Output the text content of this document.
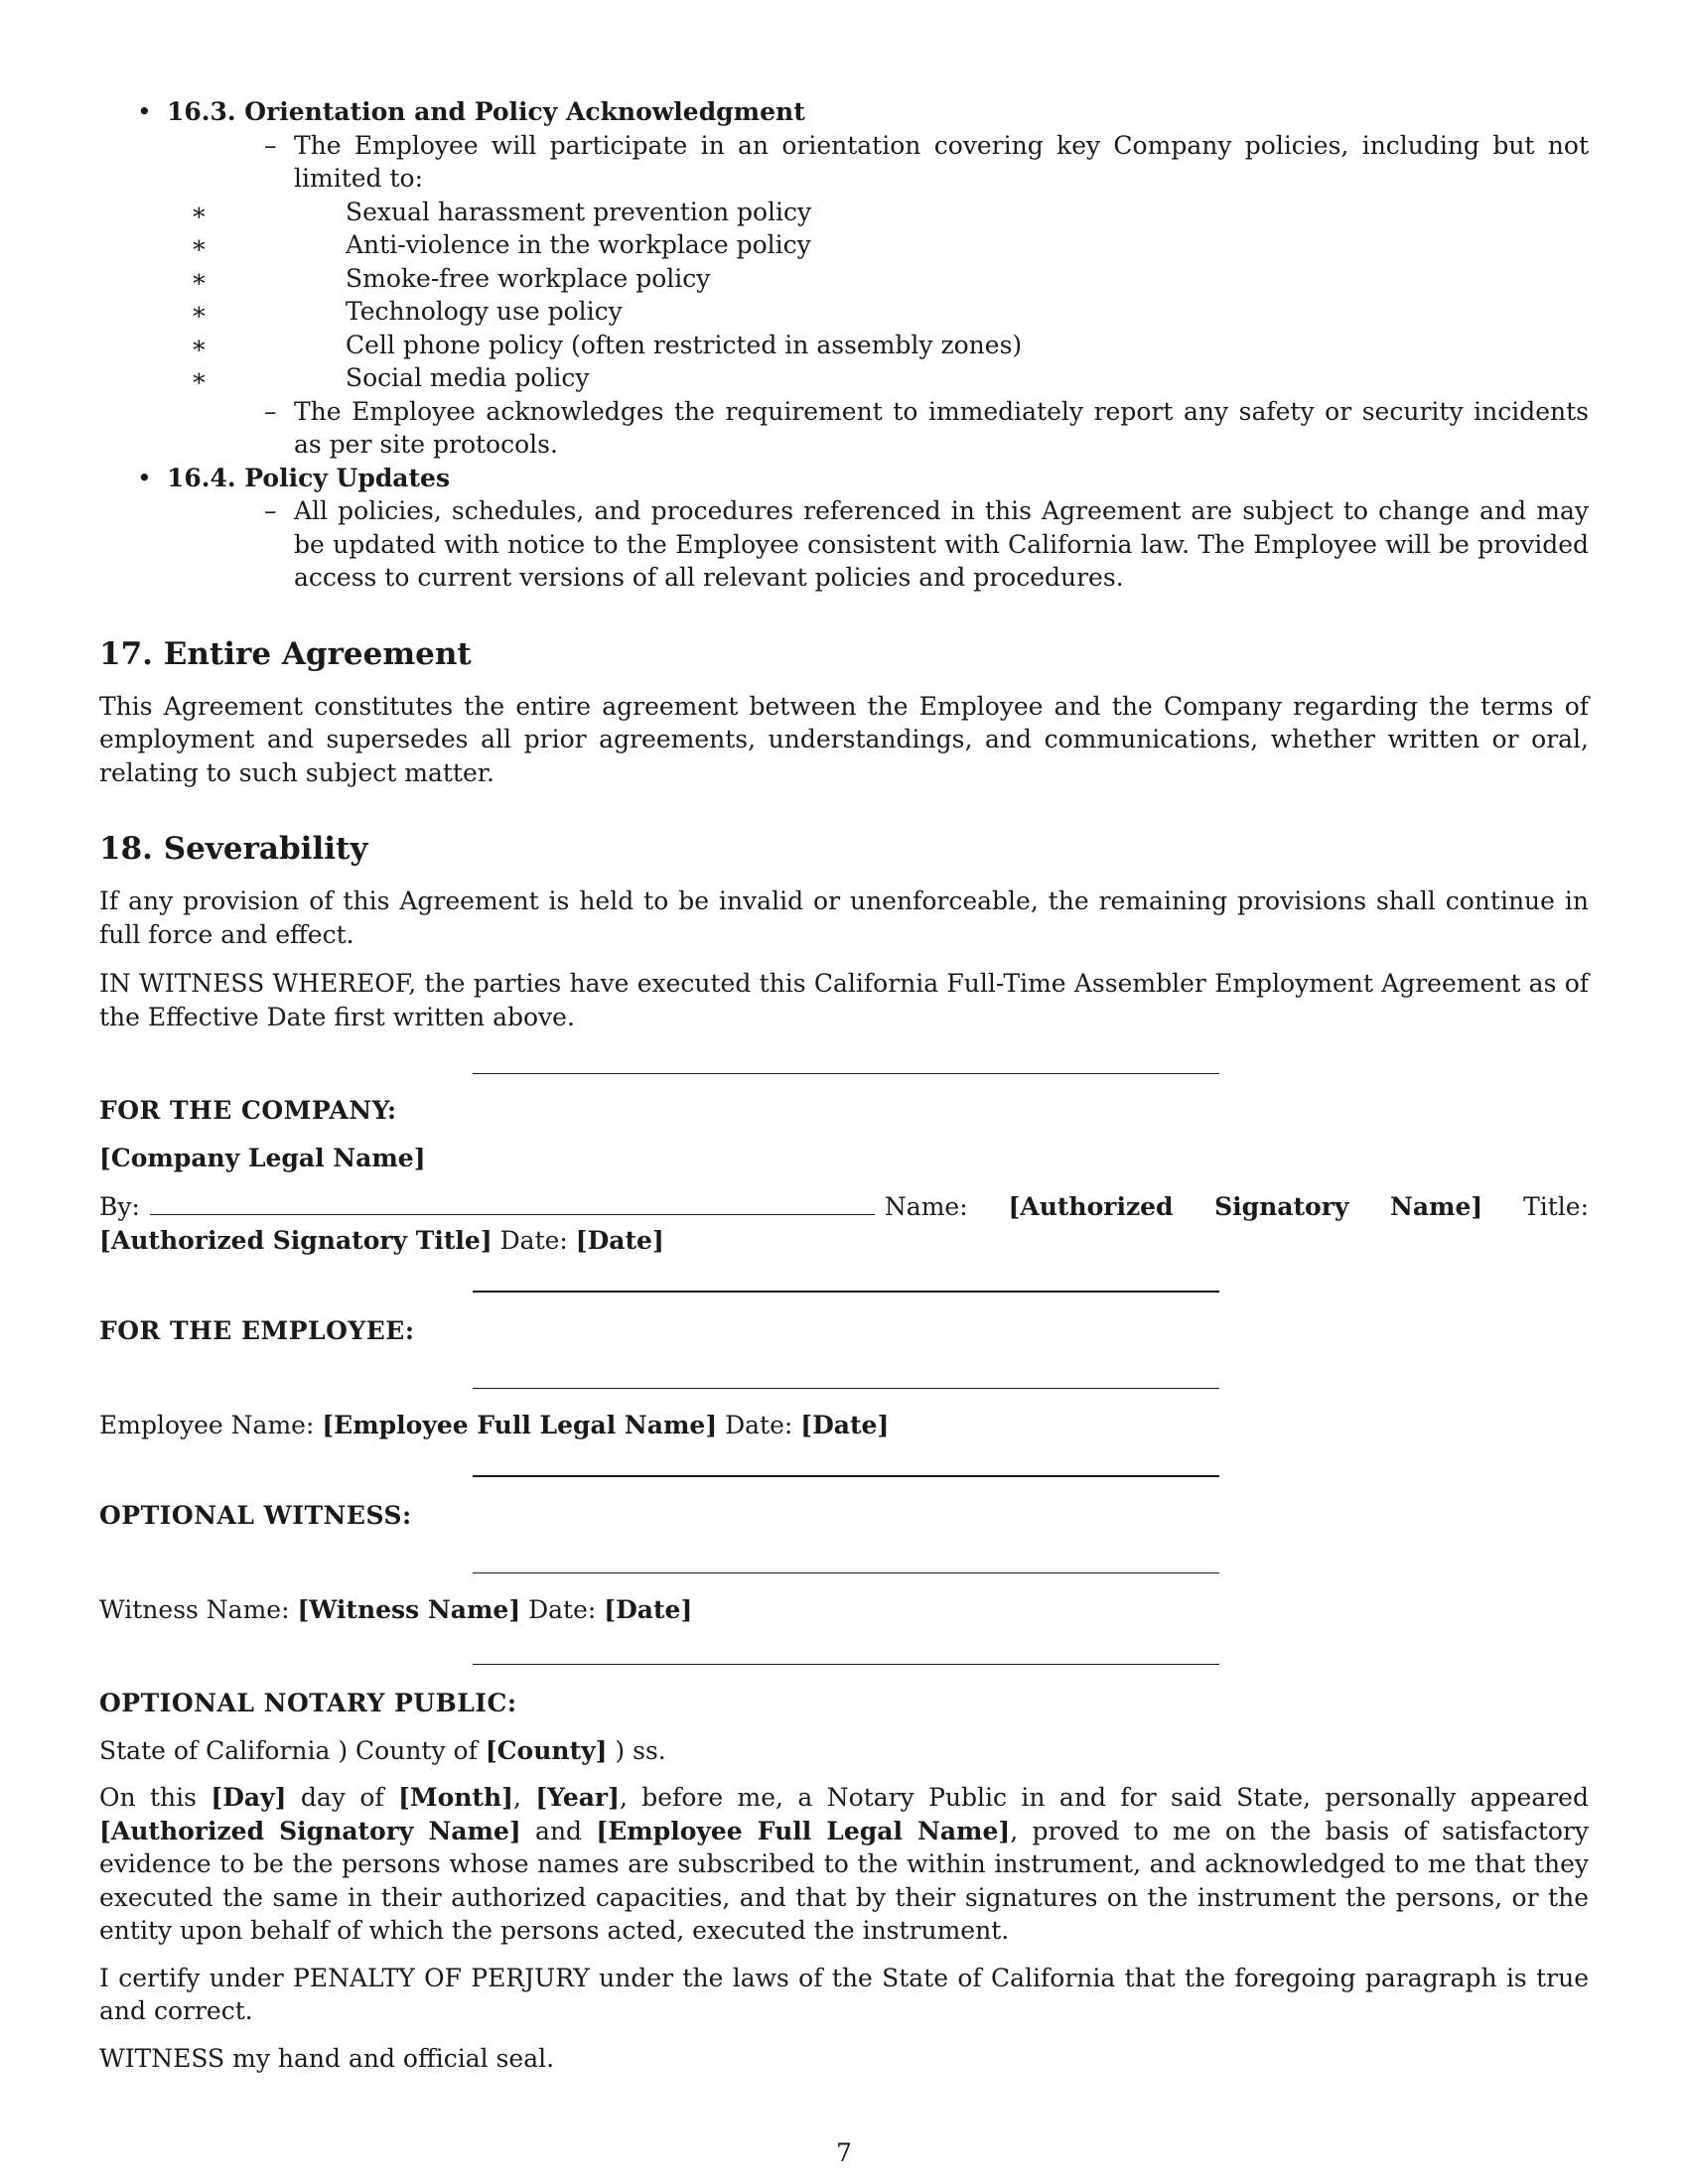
• 16.3. Orientation and Policy Acknowledgment
– The Employee will participate in an orientation covering key Company policies, including but not limited to:
∗ Sexual harassment prevention policy
∗ Anti-violence in the workplace policy
∗ Smoke-free workplace policy
∗ Technology use policy
∗ Cell phone policy (often restricted in assembly zones)
∗ Social media policy
– The Employee acknowledges the requirement to immediately report any safety or security incidents as per site protocols.
• 16.4. Policy Updates
– All policies, schedules, and procedures referenced in this Agreement are subject to change and may be updated with notice to the Employee consistent with California law. The Employee will be provided access to current versions of all relevant policies and procedures.
17. Entire Agreement

This Agreement constitutes the entire agreement between the Employee and the Company regarding the terms of employment and supersedes all prior agreements, understandings, and communications, whether written or oral, relating to such subject matter.

18. Severability

If any provision of this Agreement is held to be invalid or unenforceable, the remaining provisions shall continue in full force and effect.

IN WITNESS WHEREOF, the parties have executed this California Full-Time Assembler Employment Agreement as of the Effective Date first written above.

FOR THE COMPANY:
[Company Legal Name]

By:	Name: [Authorized Signatory Name] Title: [Authorized Signatory Title] Date: [Date]

FOR THE EMPLOYEE:

Employee Name: [Employee Full Legal Name] Date: [Date]

OPTIONAL WITNESS:

Witness Name: [Witness Name] Date: [Date]

OPTIONAL NOTARY PUBLIC:

State of California ) County of [County] ) ss.

On this [Day] day of [Month], [Year], before me, a Notary Public in and for said State, personally appeared [Authorized Signatory Name] and [Employee Full Legal Name], proved to me on the basis of satisfactory evidence to be the persons whose names are subscribed to the within instrument, and acknowledged to me that they executed the same in their authorized capacities, and that by their signatures on the instrument the persons, or the entity upon behalf of which the persons acted, executed the instrument.

I certify under PENALTY OF PERJURY under the laws of the State of California that the foregoing paragraph is true and correct.

WITNESS my hand and official seal.

7
